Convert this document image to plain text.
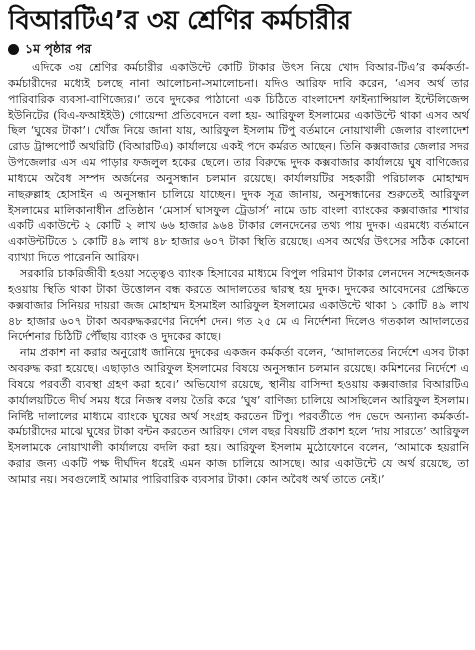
বিআরটিএ’র ৩য় শ্রেণির কর্মচারীর
১ম পৃষ্ঠার পর

এদিকে ৩য় শ্রেণির কর্মচারীর একাউন্টে কোটি টাকার উৎস নিয়ে খোদ বিআর-টিএ’র কর্মকর্তা-কর্মচারীদের মধ্যেই চলছে নানা আলোচনা-সমালোচনা। যদিও আরিফ দাবি করেন, ‘এসব অর্থ তার পারিবারিক ব্যবসা-বাণিজ্যের।’ তবে দুদকের পাঠানো এক চিঠিতে বাংলাদেশ ফাইন্যান্সিয়াল ইন্টেলিজেন্স ইউনিটের (বিএ-ফআইইউ) গোয়েন্দা প্রতিবেদনে বলা হয়- আরিফুল ইসলামের একাউন্টে থাকা এসব অর্থ ছিল ‘ঘুষের টাকা’। খোঁজ নিয়ে জানা যায়, আরিফুল ইসলাম টিপু বর্তমানে নোয়াখালী জেলার বাংলাদেশ রোড ট্রান্সপোর্ট অথরিটি (বিআরটিএ) কার্যালয়ে একই পদে কর্মরত আছেন। তিনি কক্সবাজার জেলার সদর উপজেলার এস এম পাড়ার ফজলুল হকের ছেলে। তার বিরুদ্ধে দুদক কক্সবাজার কার্যালয়ে ঘুষ বাণিজ্যের মাধ্যমে অবৈধ সম্পদ অর্জনের অনুসন্ধান চলমান রয়েছে। কার্যালয়টির সহকারী পরিচালক মোহাম্মদ নাছরুল্লাহ হোসাইন এ অনুসন্ধান চালিয়ে যাচ্ছেন। দুদক সূত্র জানায়, অনুসন্ধানের শুরুতেই আরিফুল ইসলামের মালিকানাধীন প্রতিষ্ঠান ‘মেসার্স ঘাসফুল ট্রেডার্স’ নামে ডাচ বাংলা ব্যাংকের কক্সবাজার শাখার একটি একাউন্টে ২ কোটি ২ লাখ ৬৬ হাজার ৯৬৪ টাকার লেনদেনের তথ্য পায় দুদক। এরমধ্যে বর্তমানে একাউন্টটিতে ১ কোটি ৪৯ লাখ ৪৮ হাজার ৬০৭ টাকা স্থিতি রয়েছে। এসব অর্থের উৎসের সঠিক কোনো ব্যাখ্যা দিতে পারেননি আরিফ।

সরকারি চাকরিজীবী হওয়া সত্ত্বেও ব্যাংক হিসাবের মাধ্যমে বিপুল পরিমাণ টাকার লেনদেন সন্দেহজনক হওয়ায় স্থিতি থাকা টাকা উত্তোলন বন্ধ করতে আদালতের দ্বারস্থ হয় দুদক। দুদকের আবেদনের প্রেক্ষিতে কক্সবাজার সিনিয়র দায়রা জজ মোহাম্মদ ইসমাইল আরিফুল ইসলামের একাউন্টে থাকা ১ কোটি ৪৯ লাখ ৪৮ হাজার ৬০৭ টাকা অবরুদ্ধকরণের নির্দেশ দেন। গত ২৫ মে এ নির্দেশনা দিলেও গতকাল আদালতের নির্দেশনার চিঠিটি পৌঁছায় ব্যাংক ও দুদকের কাছে।

নাম প্রকাশ না করার অনুরোধ জানিয়ে দুদকের একজন কর্মকর্তা বলেন, ‘আদালতের নির্দেশে এসব টাকা অবরুদ্ধ করা হয়েছে। এছাড়াও আরিফুল ইসলামের বিষয়ে অনুসন্ধান চলমান রয়েছে। কমিশনের নির্দেশে এ বিষয়ে পরবর্তী ব্যবস্থা গ্রহণ করা হবে।’ অভিযোগ রয়েছে, স্থানীয় বাসিন্দা হওয়ায় কক্সবাজার বিআরটিএ কার্যালয়টিতে দীর্ঘ সময় ধরে নিজস্ব বলয় তৈরি করে ‘ঘুষ’ বাণিজ্য চালিয়ে আসছিলেন আরিফুল ইসলাম। নির্দিষ্ট দালালের মাধ্যমে ব্যাংকে ঘুষের অর্থ সংগ্রহ করতেন টিপু। পরবর্তীতে পদ ভেদে অন্যান্য কর্মকর্তা-কর্মচারীদের মাঝে ঘুষের টাকা বন্টন করতেন আরিফ। গেল বছর বিষয়টি প্রকাশ হলে ‘দায় সারতে’ আরিফুল ইসলামকে নোয়াখালী কার্যালয়ে বদলি করা হয়। আরিফুল ইসলাম মুঠোফোনে বলেন, ‘আমাকে হয়রানি করার জন্য একটি পক্ষ দীর্ঘদিন ধরেই এমন কাজ চালিয়ে আসছে। আর একাউন্টে যে অর্থ রয়েছে, তা আমার নয়। সবগুলোই আমার পারিবারিক ব্যবসার টাকা। কোন অবৈধ অর্থ তাতে নেই।’
